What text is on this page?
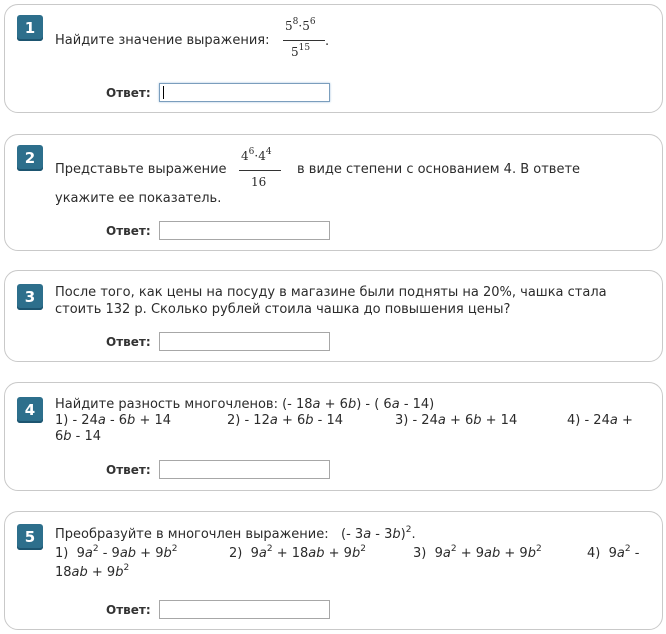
1
Найдите значение выражения:
$5^8\cdot 5^6$
$5^{15}$ .
Ответ:
2
Представьте выражение
$4^6\cdot 4^4$
16
в виде степени с основанием 4. В ответе
укажите ее показатель.
Ответ:
3	После того, как цены на посуду в магазине были подняты на 20%, чашка стала
стоить 132 р. Сколько рублей стоила чашка до повышения цены?
Ответ:
4	Найдите разность многочленов: (- 18a + 6b) - ( 6a - 14)
1) - 24a - 6b + 14	2) - 12a + 6b - 14	3) - 24a + 6b + 14	4) - 24a +
6b - 14
Ответ:
5	Преобразуйте в многочлен выражение:   (- 3a - 3b)$^2$.
1)  $9a^2 - 9ab + 9b^2$	2)  $9a^2 + 18ab + 9b^2$	3)  $9a^2 + 9ab + 9b^2$	4)  $9a^2$ -
$18ab + 9b^2$
Ответ:
